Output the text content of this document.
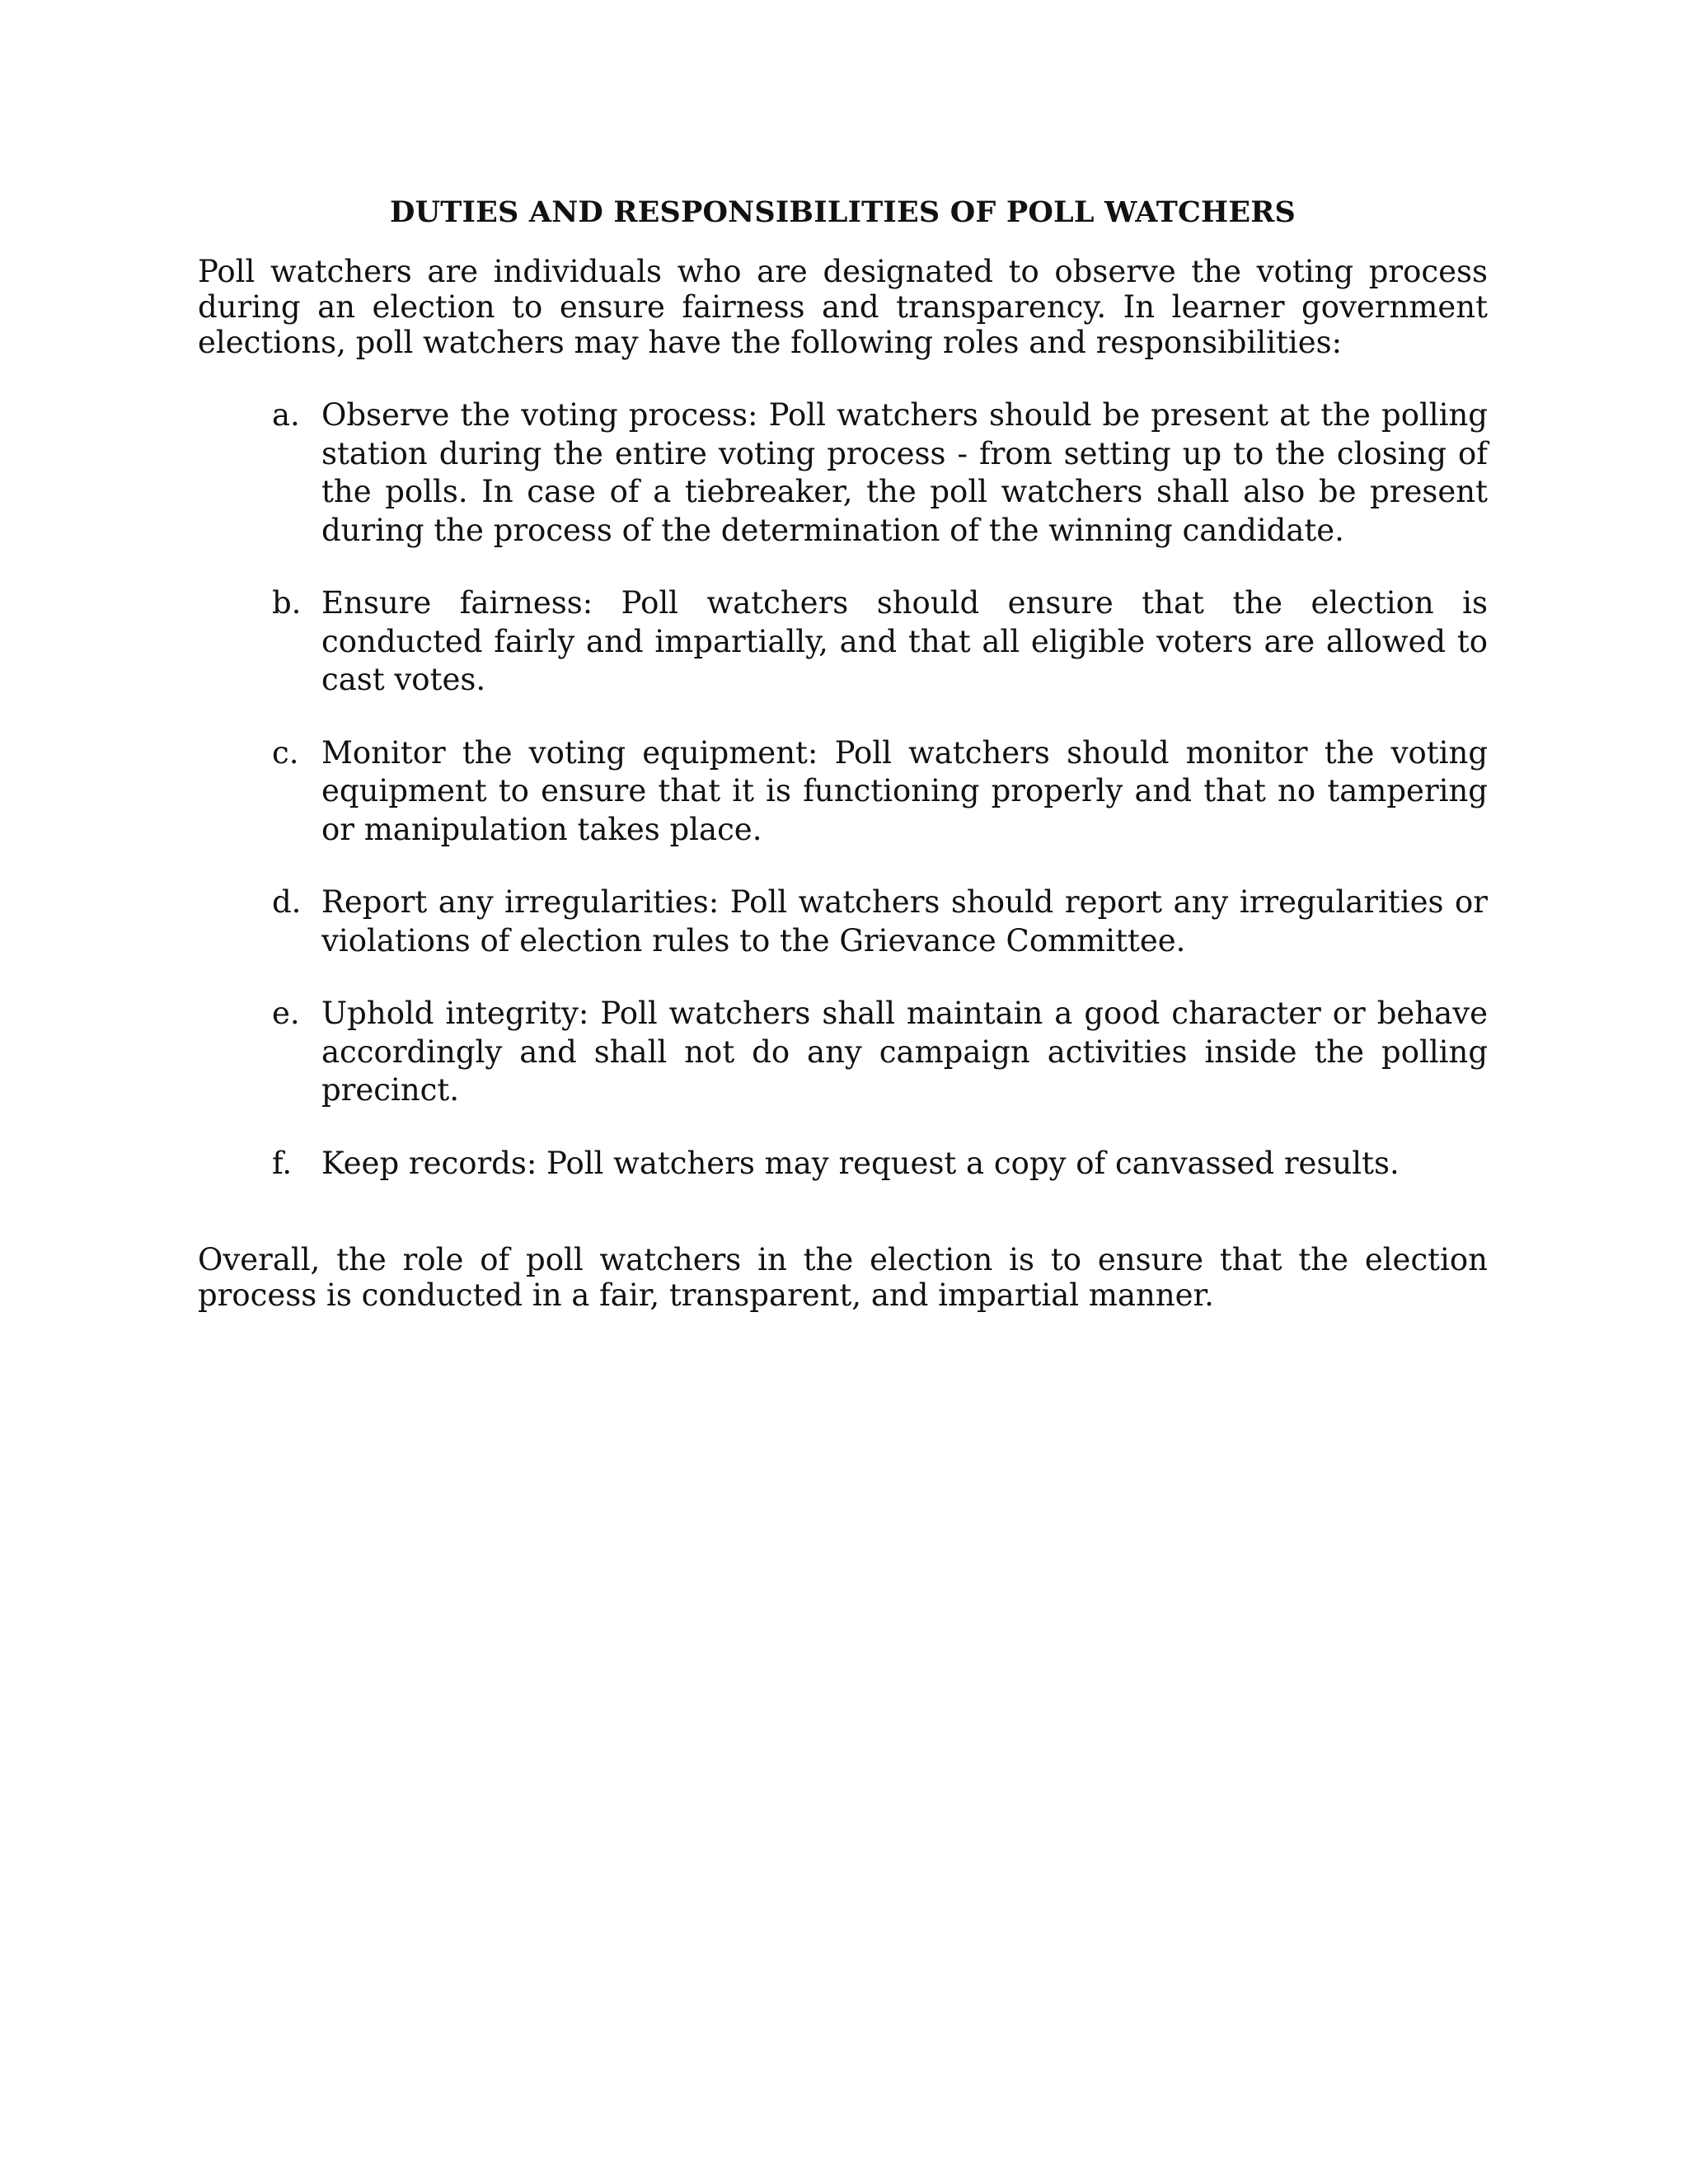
DUTIES AND RESPONSIBILITIES OF POLL WATCHERS

Poll watchers are individuals who are designated to observe the voting process during an election to ensure fairness and transparency. In learner government elections, poll watchers may have the following roles and responsibilities:

a. Observe the voting process: Poll watchers should be present at the polling station during the entire voting process - from setting up to the closing of the polls. In case of a tiebreaker, the poll watchers shall also be present during the process of the determination of the winning candidate.
b. Ensure fairness: Poll watchers should ensure that the election is conducted fairly and impartially, and that all eligible voters are allowed to cast votes.
c. Monitor the voting equipment: Poll watchers should monitor the voting equipment to ensure that it is functioning properly and that no tampering or manipulation takes place.
d. Report any irregularities: Poll watchers should report any irregularities or violations of election rules to the Grievance Committee.
e. Uphold integrity: Poll watchers shall maintain a good character or behave accordingly and shall not do any campaign activities inside the polling precinct.
f. Keep records: Poll watchers may request a copy of canvassed results.

Overall, the role of poll watchers in the election is to ensure that the election process is conducted in a fair, transparent, and impartial manner.
